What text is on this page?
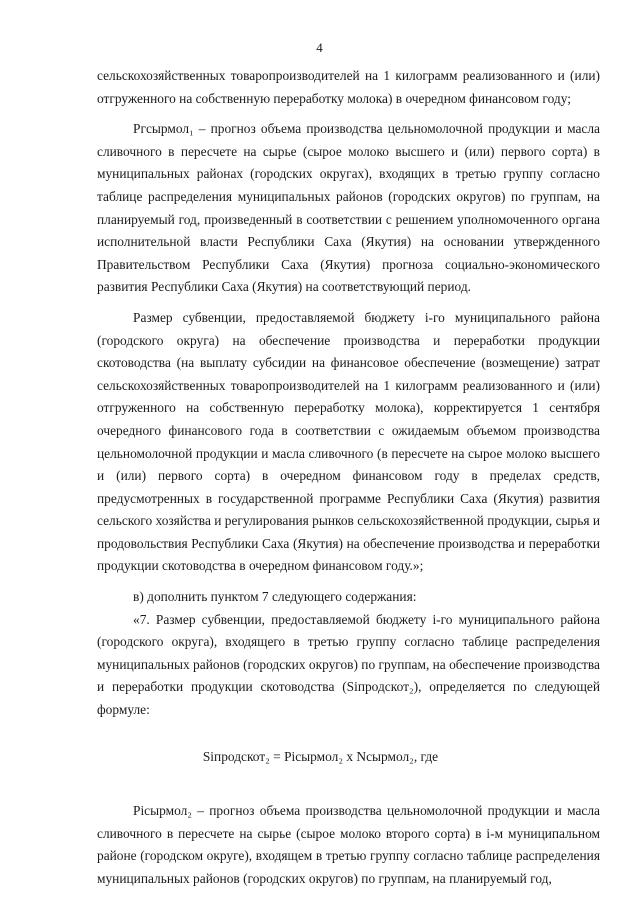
4

сельскохозяйственных товаропроизводителей на 1 килограмм реализованного и (или) отгруженного на собственную переработку молока) в очередном финансовом году;

Pгсырмол₁ – прогноз объема производства цельномолочной продукции и масла сливочного в пересчете на сырье (сырое молоко высшего и (или) первого сорта) в муниципальных районах (городских округах), входящих в третью группу согласно таблице распределения муниципальных районов (городских округов) по группам, на планируемый год, произведенный в соответствии с решением уполномоченного органа исполнительной власти Республики Саха (Якутия) на основании утвержденного Правительством Республики Саха (Якутия) прогноза социально-экономического развития Республики Саха (Якутия) на соответствующий период.

Размер субвенции, предоставляемой бюджету i-го муниципального района (городского округа) на обеспечение производства и переработки продукции скотоводства (на выплату субсидии на финансовое обеспечение (возмещение) затрат сельскохозяйственных товаропроизводителей на 1 килограмм реализованного и (или) отгруженного на собственную переработку молока), корректируется 1 сентября очередного финансового года в соответствии с ожидаемым объемом производства цельномолочной продукции и масла сливочного (в пересчете на сырое молоко высшего и (или) первого сорта) в очередном финансовом году в пределах средств, предусмотренных в государственной программе Республики Саха (Якутия) развития сельского хозяйства и регулирования рынков сельскохозяйственной продукции, сырья и продовольствия Республики Саха (Якутия) на обеспечение производства и переработки продукции скотоводства в очередном финансовом году.»;

в) дополнить пунктом 7 следующего содержания:

«7. Размер субвенции, предоставляемой бюджету i-го муниципального района (городского округа), входящего в третью группу согласно таблице распределения муниципальных районов (городских округов) по группам, на обеспечение производства и переработки продукции скотоводства (Siпродскот₂), определяется по следующей формуле:

Siпродскот₂ = Piсырмол₂ х Nсырмол₂, где

Piсырмол₂ – прогноз объема производства цельномолочной продукции и масла сливочного в пересчете на сырье (сырое молоко второго сорта) в i-м муниципальном районе (городском округе), входящем в третью группу согласно таблице распределения муниципальных районов (городских округов) по группам, на планируемый год,
